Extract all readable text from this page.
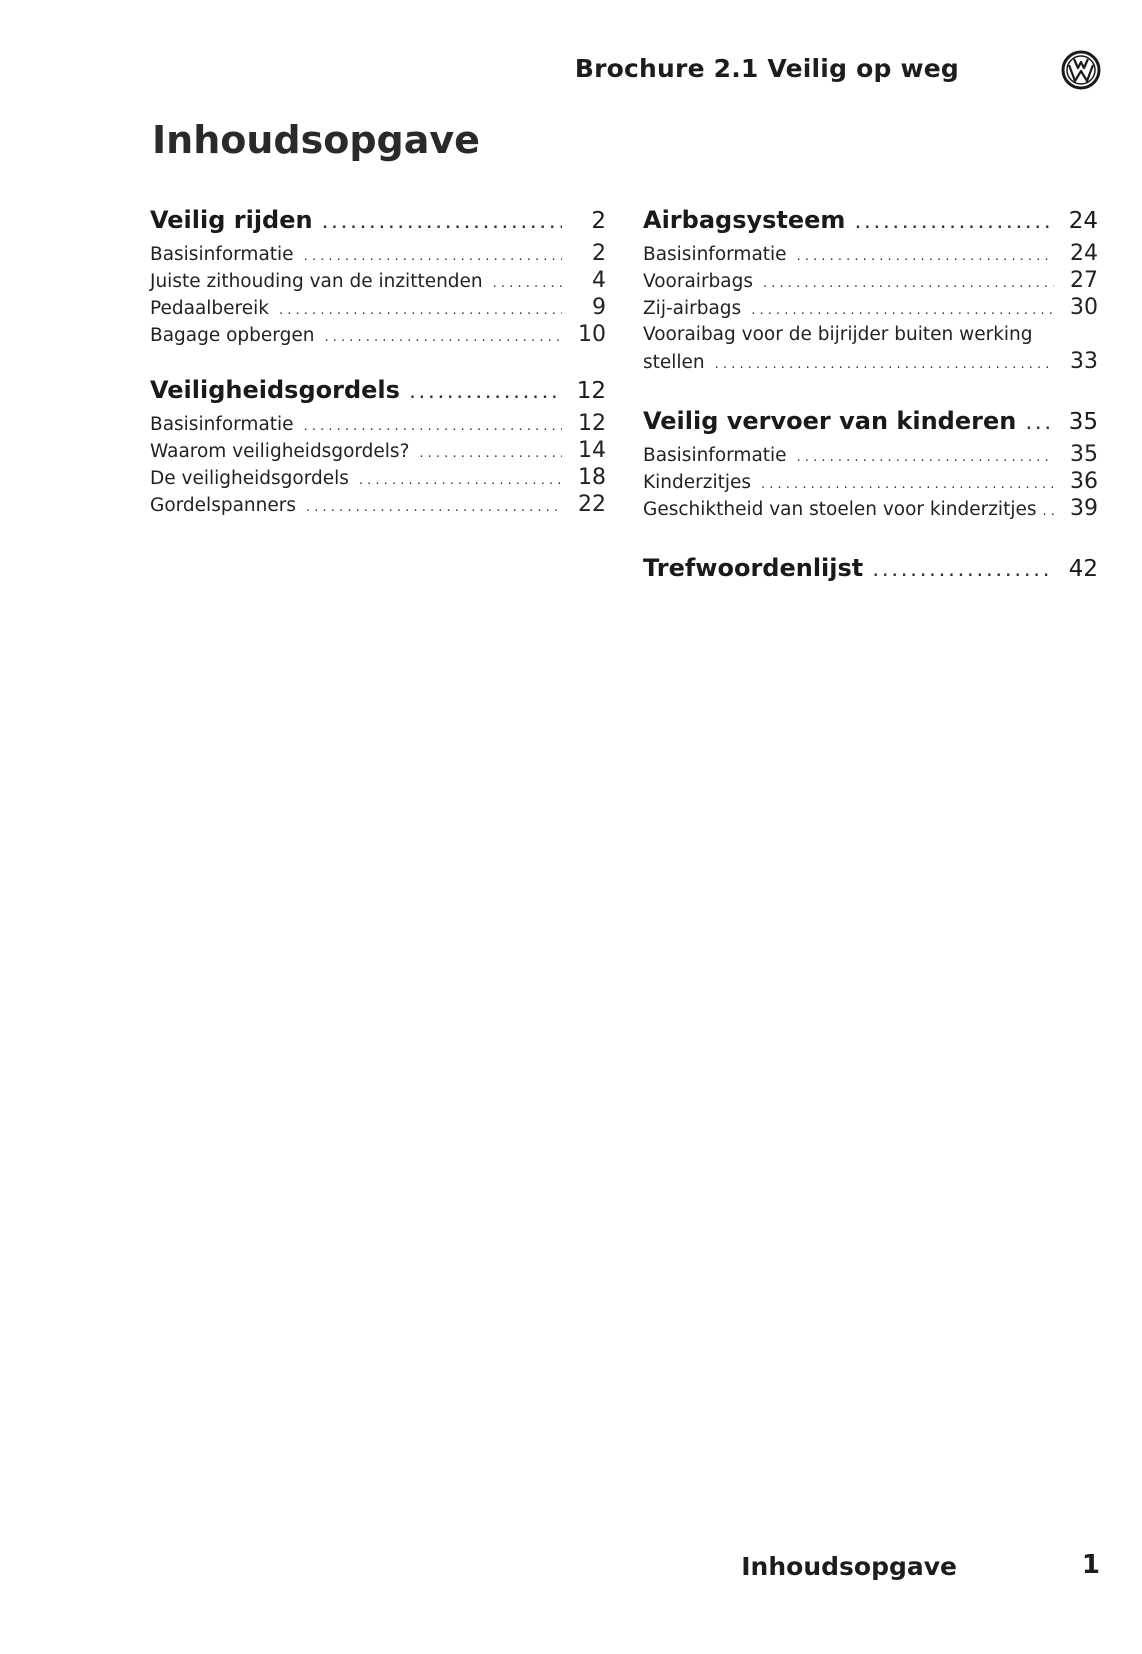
Brochure 2.1 Veilig op weg
Inhoudsopgave
Veilig rijden . . .	2
Basisinformatie . . .	2
Juiste zithouding van de inzittenden . . .	4
Pedaalbereik . . .	9
Bagage opbergen . . .	10
Veiligheidsgordels . . .	12
Basisinformatie . . .	12
Waarom veiligheidsgordels? . . .	14
De veiligheidsgordels . . .	18
Gordelspanners . . .	22
Airbagsysteem . . .	24
Basisinformatie . . .	24
Voorairbags . . .	27
Zij-airbags . . .	30
Vooraibag voor de bijrijder buiten werking
stellen . . .	33
Veilig vervoer van kinderen . . . 35
Basisinformatie . . .	35
Kinderzitjes . . .	36
Geschiktheid van stoelen voor kinderzitjes . . . 39
Trefwoordenlijst . . .	42
Inhoudsopgave	1
